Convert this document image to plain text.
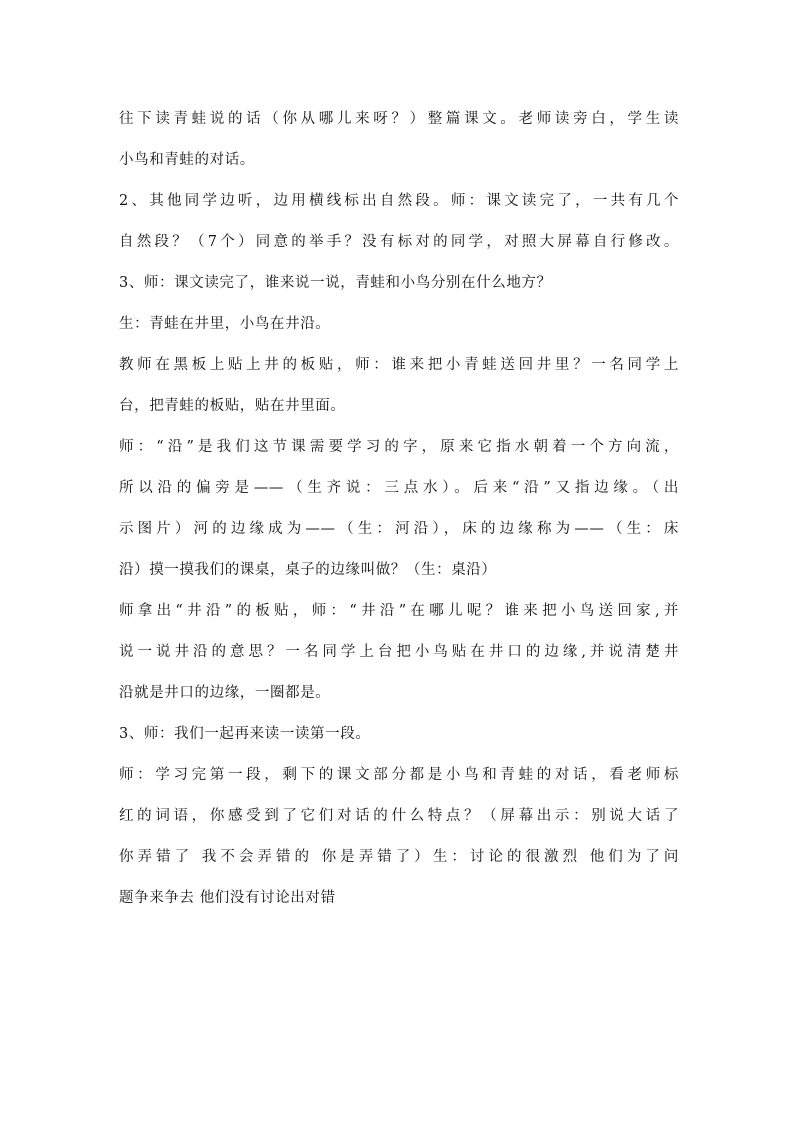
往下读青蛙说的话（你从哪儿来呀？）整篇课文。老师读旁白，学生读
小鸟和青蛙的对话。
2、其他同学边听，边用横线标出自然段。师：课文读完了，一共有几个
自然段？（7个）同意的举手？没有标对的同学，对照大屏幕自行修改。
3、师：课文读完了，谁来说一说，青蛙和小鸟分别在什么地方？
生：青蛙在井里，小鸟在井沿。
教师在黑板上贴上井的板贴，师：谁来把小青蛙送回井里？一名同学上
台，把青蛙的板贴，贴在井里面。
师：“沿”是我们这节课需要学习的字，原来它指水朝着一个方向流，
所以沿的偏旁是——（生齐说：三点水）。后来“沿”又指边缘。（出
示图片）河的边缘成为——（生：河沿），床的边缘称为——（生：床
沿）摸一摸我们的课桌，桌子的边缘叫做？（生：桌沿）
师拿出“井沿”的板贴，师：“井沿”在哪儿呢？谁来把小鸟送回家,并
说一说井沿的意思？一名同学上台把小鸟贴在井口的边缘,并说清楚井
沿就是井口的边缘，一圈都是。
3、师：我们一起再来读一读第一段。
师：学习完第一段，剩下的课文部分都是小鸟和青蛙的对话，看老师标
红的词语，你感受到了它们对话的什么特点？（屏幕出示：别说大话了
你弄错了 我不会弄错的 你是弄错了）生：讨论的很激烈 他们为了问
题争来争去 他们没有讨论出对错
